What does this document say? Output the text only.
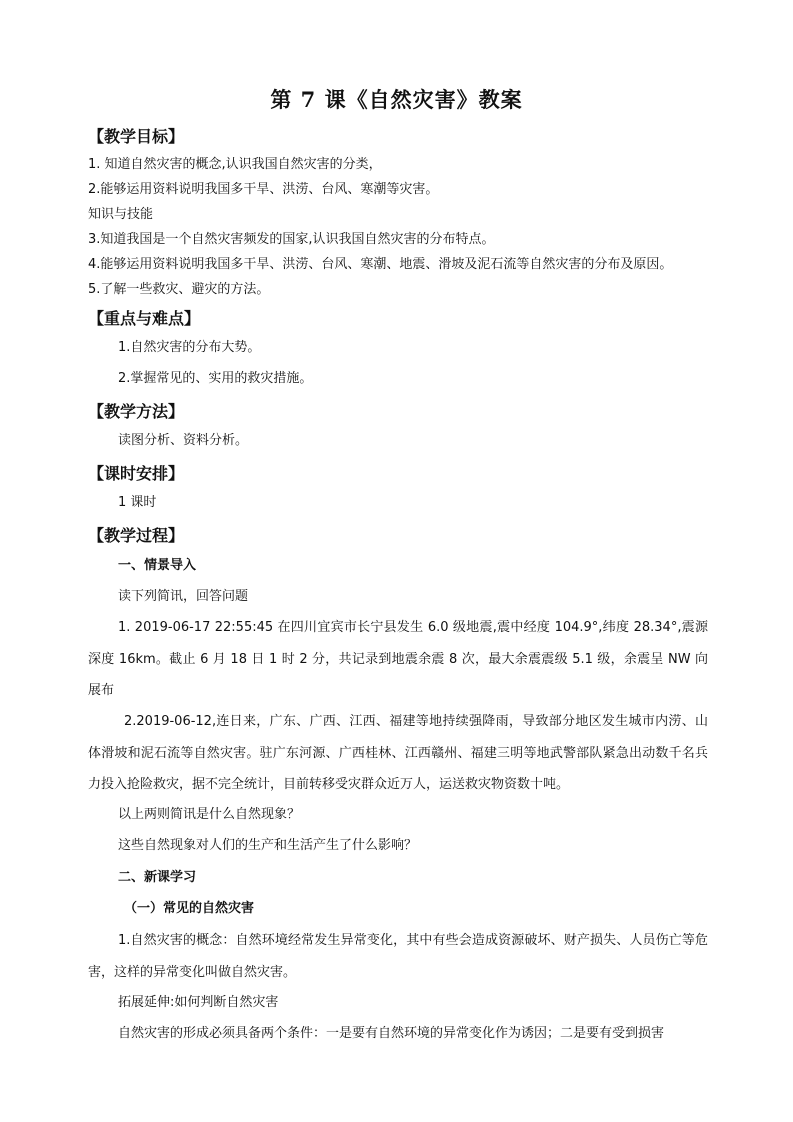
第 7 课《自然灾害》教案
【教学目标】
1. 知道自然灾害的概念,认识我国自然灾害的分类，
2.能够运用资料说明我国多干旱、洪涝、台风、寒潮等灾害。
知识与技能
3.知道我国是一个自然灾害频发的国家,认识我国自然灾害的分布特点。
4.能够运用资料说明我国多干旱、洪涝、台风、寒潮、地震、滑坡及泥石流等自然灾害的分布及原因。
5.了解一些救灾、避灾的方法。
【重点与难点】
1.自然灾害的分布大势。
2.掌握常见的、实用的救灾措施。
【教学方法】
读图分析、资料分析。
【课时安排】
1 课时
【教学过程】
一、情景导入
读下列简讯，回答问题
1. 2019-06-17 22:55:45 在四川宜宾市长宁县发生 6.0 级地震,震中经度 104.9°,纬度 28.34°,震源深度 16km。截止 6 月 18 日 1 时 2 分，共记录到地震余震 8 次，最大余震震级 5.1 级，余震呈 NW 向展布
2.2019-06-12,连日来，广东、广西、江西、福建等地持续强降雨，导致部分地区发生城市内涝、山体滑坡和泥石流等自然灾害。驻广东河源、广西桂林、江西赣州、福建三明等地武警部队紧急出动数千名兵力投入抢险救灾，据不完全统计，目前转移受灾群众近万人，运送救灾物资数十吨。
以上两则简讯是什么自然现象？
这些自然现象对人们的生产和生活产生了什么影响？
二、新课学习
（一）常见的自然灾害
1.自然灾害的概念：自然环境经常发生异常变化，其中有些会造成资源破坏、财产损失、人员伤亡等危害，这样的异常变化叫做自然灾害。
拓展延伸:如何判断自然灾害
自然灾害的形成必须具备两个条件：一是要有自然环境的异常变化作为诱因；二是要有受到损害
